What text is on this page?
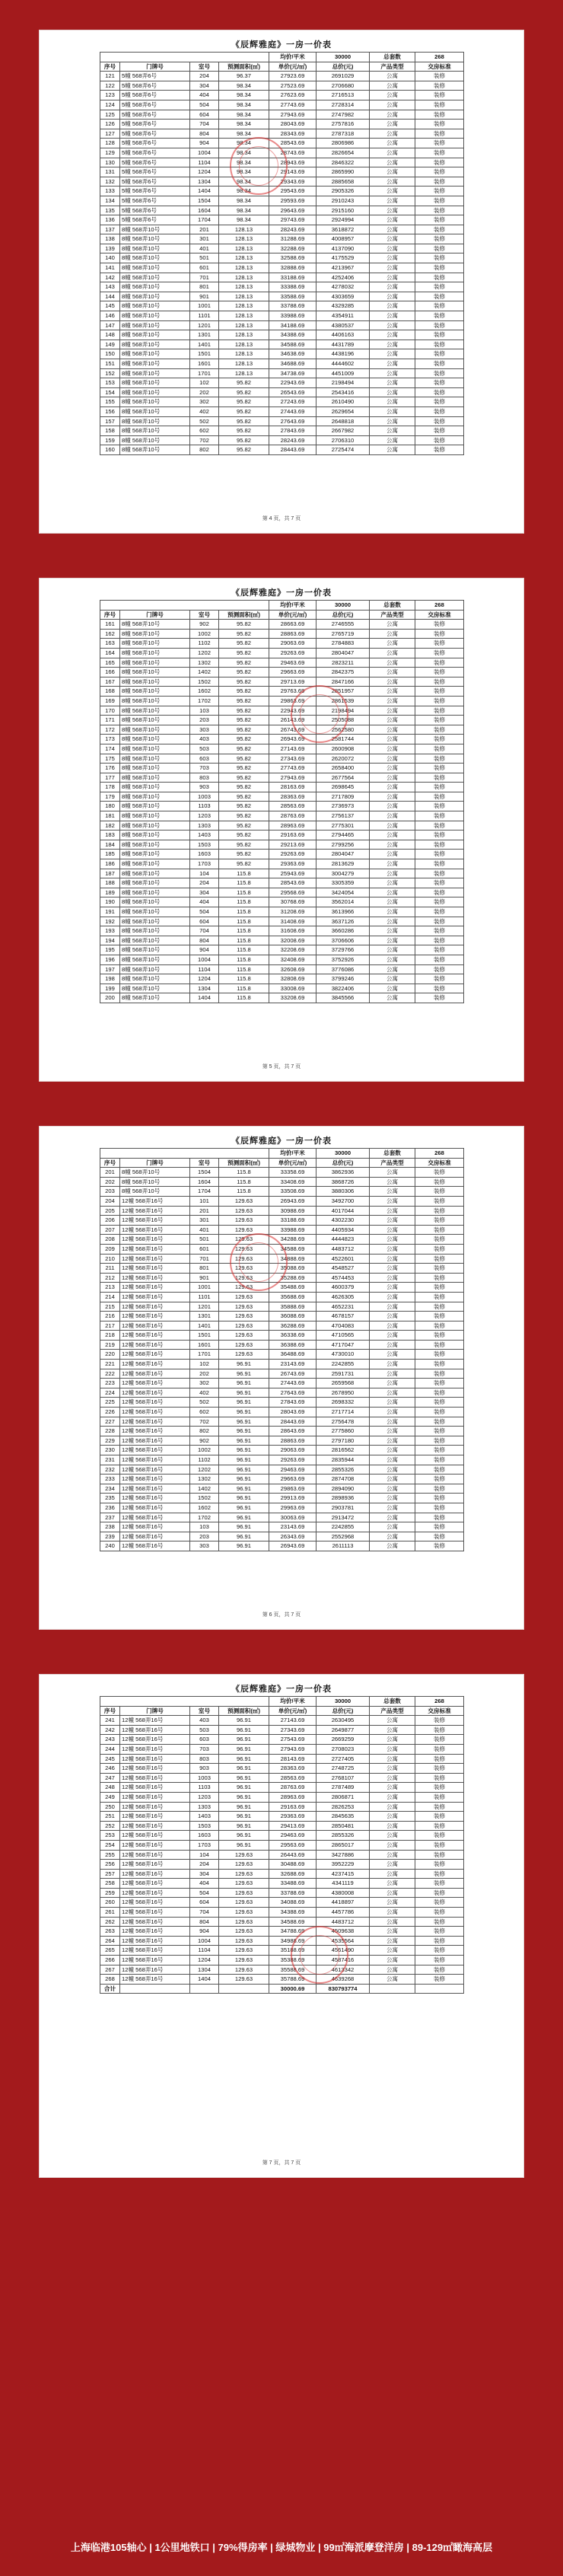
《辰辉雅庭》一房一价表
				均价/平米	30000	总套数	268
序号	门牌号	室号	预测面积(㎡)	单价(元/㎡)	总价(元)	产品类型	交房标准
121	5幢 568弄6号	204	96.37	27923.69	2691029	公寓	装修
122	5幢 568弄6号	304	98.34	27523.69	2706680	公寓	装修
123	5幢 568弄6号	404	98.34	27623.69	2716513	公寓	装修
124	5幢 568弄6号	504	98.34	27743.69	2728314	公寓	装修
125	5幢 568弄6号	604	98.34	27943.69	2747982	公寓	装修
126	5幢 568弄6号	704	98.34	28043.69	2757816	公寓	装修
127	5幢 568弄6号	804	98.34	28343.69	2787318	公寓	装修
128	5幢 568弄6号	904	98.34	28543.69	2806986	公寓	装修
129	5幢 568弄6号	1004	98.34	28743.69	2826654	公寓	装修
130	5幢 568弄6号	1104	98.34	28943.69	2846322	公寓	装修
131	5幢 568弄6号	1204	98.34	29143.69	2865990	公寓	装修
132	5幢 568弄6号	1304	98.34	29343.69	2885658	公寓	装修
133	5幢 568弄6号	1404	98.34	29543.69	2905326	公寓	装修
134	5幢 568弄6号	1504	98.34	29593.69	2910243	公寓	装修
135	5幢 568弄6号	1604	98.34	29643.69	2915160	公寓	装修
136	5幢 568弄6号	1704	98.34	29743.69	2924994	公寓	装修
137	8幢 568弄10号	201	128.13	28243.69	3618872	公寓	装修
138	8幢 568弄10号	301	128.13	31288.69	4008957	公寓	装修
139	8幢 568弄10号	401	128.13	32288.69	4137090	公寓	装修
140	8幢 568弄10号	501	128.13	32588.69	4175529	公寓	装修
141	8幢 568弄10号	601	128.13	32888.69	4213967	公寓	装修
142	8幢 568弄10号	701	128.13	33188.69	4252406	公寓	装修
143	8幢 568弄10号	801	128.13	33388.69	4278032	公寓	装修
144	8幢 568弄10号	901	128.13	33588.69	4303659	公寓	装修
145	8幢 568弄10号	1001	128.13	33788.69	4329285	公寓	装修
146	8幢 568弄10号	1101	128.13	33988.69	4354911	公寓	装修
147	8幢 568弄10号	1201	128.13	34188.69	4380537	公寓	装修
148	8幢 568弄10号	1301	128.13	34388.69	4406163	公寓	装修
149	8幢 568弄10号	1401	128.13	34588.69	4431789	公寓	装修
150	8幢 568弄10号	1501	128.13	34638.69	4438196	公寓	装修
151	8幢 568弄10号	1601	128.13	34688.69	4444602	公寓	装修
152	8幢 568弄10号	1701	128.13	34738.69	4451009	公寓	装修
153	8幢 568弄10号	102	95.82	22943.69	2198494	公寓	装修
154	8幢 568弄10号	202	95.82	26543.69	2543416	公寓	装修
155	8幢 568弄10号	302	95.82	27243.69	2610490	公寓	装修
156	8幢 568弄10号	402	95.82	27443.69	2629654	公寓	装修
157	8幢 568弄10号	502	95.82	27643.69	2648818	公寓	装修
158	8幢 568弄10号	602	95.82	27843.69	2667982	公寓	装修
159	8幢 568弄10号	702	95.82	28243.69	2706310	公寓	装修
160	8幢 568弄10号	802	95.82	28443.69	2725474	公寓	装修
第 4 页，共 7 页
《辰辉雅庭》一房一价表
				均价/平米	30000	总套数	268
序号	门牌号	室号	预测面积(㎡)	单价(元/㎡)	总价(元)	产品类型	交房标准
161	8幢 568弄10号	902	95.82	28663.69	2746555	公寓	装修
162	8幢 568弄10号	1002	95.82	28863.69	2765719	公寓	装修
163	8幢 568弄10号	1102	95.82	29063.69	2784883	公寓	装修
164	8幢 568弄10号	1202	95.82	29263.69	2804047	公寓	装修
165	8幢 568弄10号	1302	95.82	29463.69	2823211	公寓	装修
166	8幢 568弄10号	1402	95.82	29663.69	2842375	公寓	装修
167	8幢 568弄10号	1502	95.82	29713.69	2847166	公寓	装修
168	8幢 568弄10号	1602	95.82	29763.69	2851957	公寓	装修
169	8幢 568弄10号	1702	95.82	29863.69	2861539	公寓	装修
170	8幢 568弄10号	103	95.82	22943.69	2198494	公寓	装修
171	8幢 568弄10号	203	95.82	26143.69	2505088	公寓	装修
172	8幢 568弄10号	303	95.82	26743.69	2562580	公寓	装修
173	8幢 568弄10号	403	95.82	26943.69	2581744	公寓	装修
174	8幢 568弄10号	503	95.82	27143.69	2600908	公寓	装修
175	8幢 568弄10号	603	95.82	27343.69	2620072	公寓	装修
176	8幢 568弄10号	703	95.82	27743.69	2658400	公寓	装修
177	8幢 568弄10号	803	95.82	27943.69	2677564	公寓	装修
178	8幢 568弄10号	903	95.82	28163.69	2698645	公寓	装修
179	8幢 568弄10号	1003	95.82	28363.69	2717809	公寓	装修
180	8幢 568弄10号	1103	95.82	28563.69	2736973	公寓	装修
181	8幢 568弄10号	1203	95.82	28763.69	2756137	公寓	装修
182	8幢 568弄10号	1303	95.82	28963.69	2775301	公寓	装修
183	8幢 568弄10号	1403	95.82	29163.69	2794465	公寓	装修
184	8幢 568弄10号	1503	95.82	29213.69	2799256	公寓	装修
185	8幢 568弄10号	1603	95.82	29263.69	2804047	公寓	装修
186	8幢 568弄10号	1703	95.82	29363.69	2813629	公寓	装修
187	8幢 568弄10号	104	115.8	25943.69	3004279	公寓	装修
188	8幢 568弄10号	204	115.8	28543.69	3305359	公寓	装修
189	8幢 568弄10号	304	115.8	29568.69	3424054	公寓	装修
190	8幢 568弄10号	404	115.8	30768.69	3562014	公寓	装修
191	8幢 568弄10号	504	115.8	31208.69	3613966	公寓	装修
192	8幢 568弄10号	604	115.8	31408.69	3637126	公寓	装修
193	8幢 568弄10号	704	115.8	31608.69	3660286	公寓	装修
194	8幢 568弄10号	804	115.8	32008.69	3706606	公寓	装修
195	8幢 568弄10号	904	115.8	32208.69	3729766	公寓	装修
196	8幢 568弄10号	1004	115.8	32408.69	3752926	公寓	装修
197	8幢 568弄10号	1104	115.8	32608.69	3776086	公寓	装修
198	8幢 568弄10号	1204	115.8	32808.69	3799246	公寓	装修
199	8幢 568弄10号	1304	115.8	33008.69	3822406	公寓	装修
200	8幢 568弄10号	1404	115.8	33208.69	3845566	公寓	装修
第 5 页，共 7 页
《辰辉雅庭》一房一价表
				均价/平米	30000	总套数	268
序号	门牌号	室号	预测面积(㎡)	单价(元/㎡)	总价(元)	产品类型	交房标准
201	8幢 568弄10号	1504	115.8	33358.69	3862936	公寓	装修
202	8幢 568弄10号	1604	115.8	33408.69	3868726	公寓	装修
203	8幢 568弄10号	1704	115.8	33508.69	3880306	公寓	装修
204	12幢 568弄16号	101	129.63	26943.69	3492700	公寓	装修
205	12幢 568弄16号	201	129.63	30988.69	4017044	公寓	装修
206	12幢 568弄16号	301	129.63	33188.69	4302230	公寓	装修
207	12幢 568弄16号	401	129.63	33988.69	4405934	公寓	装修
208	12幢 568弄16号	501	129.63	34288.69	4444823	公寓	装修
209	12幢 568弄16号	601	129.63	34588.69	4483712	公寓	装修
210	12幢 568弄16号	701	129.63	34888.69	4522601	公寓	装修
211	12幢 568弄16号	801	129.63	35088.69	4548527	公寓	装修
212	12幢 568弄16号	901	129.63	35288.69	4574453	公寓	装修
213	12幢 568弄16号	1001	129.63	35488.69	4600379	公寓	装修
214	12幢 568弄16号	1101	129.63	35688.69	4626305	公寓	装修
215	12幢 568弄16号	1201	129.63	35888.69	4652231	公寓	装修
216	12幢 568弄16号	1301	129.63	36088.69	4678157	公寓	装修
217	12幢 568弄16号	1401	129.63	36288.69	4704083	公寓	装修
218	12幢 568弄16号	1501	129.63	36338.69	4710565	公寓	装修
219	12幢 568弄16号	1601	129.63	36388.69	4717047	公寓	装修
220	12幢 568弄16号	1701	129.63	36488.69	4730010	公寓	装修
221	12幢 568弄16号	102	96.91	23143.69	2242855	公寓	装修
222	12幢 568弄16号	202	96.91	26743.69	2591731	公寓	装修
223	12幢 568弄16号	302	96.91	27443.69	2659568	公寓	装修
224	12幢 568弄16号	402	96.91	27643.69	2678950	公寓	装修
225	12幢 568弄16号	502	96.91	27843.69	2698332	公寓	装修
226	12幢 568弄16号	602	96.91	28043.69	2717714	公寓	装修
227	12幢 568弄16号	702	96.91	28443.69	2756478	公寓	装修
228	12幢 568弄16号	802	96.91	28643.69	2775860	公寓	装修
229	12幢 568弄16号	902	96.91	28863.69	2797180	公寓	装修
230	12幢 568弄16号	1002	96.91	29063.69	2816562	公寓	装修
231	12幢 568弄16号	1102	96.91	29263.69	2835944	公寓	装修
232	12幢 568弄16号	1202	96.91	29463.69	2855326	公寓	装修
233	12幢 568弄16号	1302	96.91	29663.69	2874708	公寓	装修
234	12幢 568弄16号	1402	96.91	29863.69	2894090	公寓	装修
235	12幢 568弄16号	1502	96.91	29913.69	2898936	公寓	装修
236	12幢 568弄16号	1602	96.91	29963.69	2903781	公寓	装修
237	12幢 568弄16号	1702	96.91	30063.69	2913472	公寓	装修
238	12幢 568弄16号	103	96.91	23143.69	2242855	公寓	装修
239	12幢 568弄16号	203	96.91	26343.69	2552968	公寓	装修
240	12幢 568弄16号	303	96.91	26943.69	2611113	公寓	装修
第 6 页，共 7 页
《辰辉雅庭》一房一价表
				均价/平米	30000	总套数	268
序号	门牌号	室号	预测面积(㎡)	单价(元/㎡)	总价(元)	产品类型	交房标准
241	12幢 568弄16号	403	96.91	27143.69	2630495	公寓	装修
242	12幢 568弄16号	503	96.91	27343.69	2649877	公寓	装修
243	12幢 568弄16号	603	96.91	27543.69	2669259	公寓	装修
244	12幢 568弄16号	703	96.91	27943.69	2708023	公寓	装修
245	12幢 568弄16号	803	96.91	28143.69	2727405	公寓	装修
246	12幢 568弄16号	903	96.91	28363.69	2748725	公寓	装修
247	12幢 568弄16号	1003	96.91	28563.69	2768107	公寓	装修
248	12幢 568弄16号	1103	96.91	28763.69	2787489	公寓	装修
249	12幢 568弄16号	1203	96.91	28963.69	2806871	公寓	装修
250	12幢 568弄16号	1303	96.91	29163.69	2826253	公寓	装修
251	12幢 568弄16号	1403	96.91	29363.69	2845635	公寓	装修
252	12幢 568弄16号	1503	96.91	29413.69	2850481	公寓	装修
253	12幢 568弄16号	1603	96.91	29463.69	2855326	公寓	装修
254	12幢 568弄16号	1703	96.91	29563.69	2865017	公寓	装修
255	12幢 568弄16号	104	129.63	26443.69	3427886	公寓	装修
256	12幢 568弄16号	204	129.63	30488.69	3952229	公寓	装修
257	12幢 568弄16号	304	129.63	32688.69	4237415	公寓	装修
258	12幢 568弄16号	404	129.63	33488.69	4341119	公寓	装修
259	12幢 568弄16号	504	129.63	33788.69	4380008	公寓	装修
260	12幢 568弄16号	604	129.63	34088.69	4418897	公寓	装修
261	12幢 568弄16号	704	129.63	34388.69	4457786	公寓	装修
262	12幢 568弄16号	804	129.63	34588.69	4483712	公寓	装修
263	12幢 568弄16号	904	129.63	34788.69	4509638	公寓	装修
264	12幢 568弄16号	1004	129.63	34988.69	4535564	公寓	装修
265	12幢 568弄16号	1104	129.63	35188.69	4561490	公寓	装修
266	12幢 568弄16号	1204	129.63	35388.69	4587416	公寓	装修
267	12幢 568弄16号	1304	129.63	35588.69	4613342	公寓	装修
268	12幢 568弄16号	1404	129.63	35788.69	4639268	公寓	装修
合计				30000.69	830793774		
第 7 页，共 7 页
上海临港105轴心 | 1公里地铁口 | 79%得房率 | 绿城物业 | 99㎡海派摩登洋房 | 89-129㎡瞰海高层
